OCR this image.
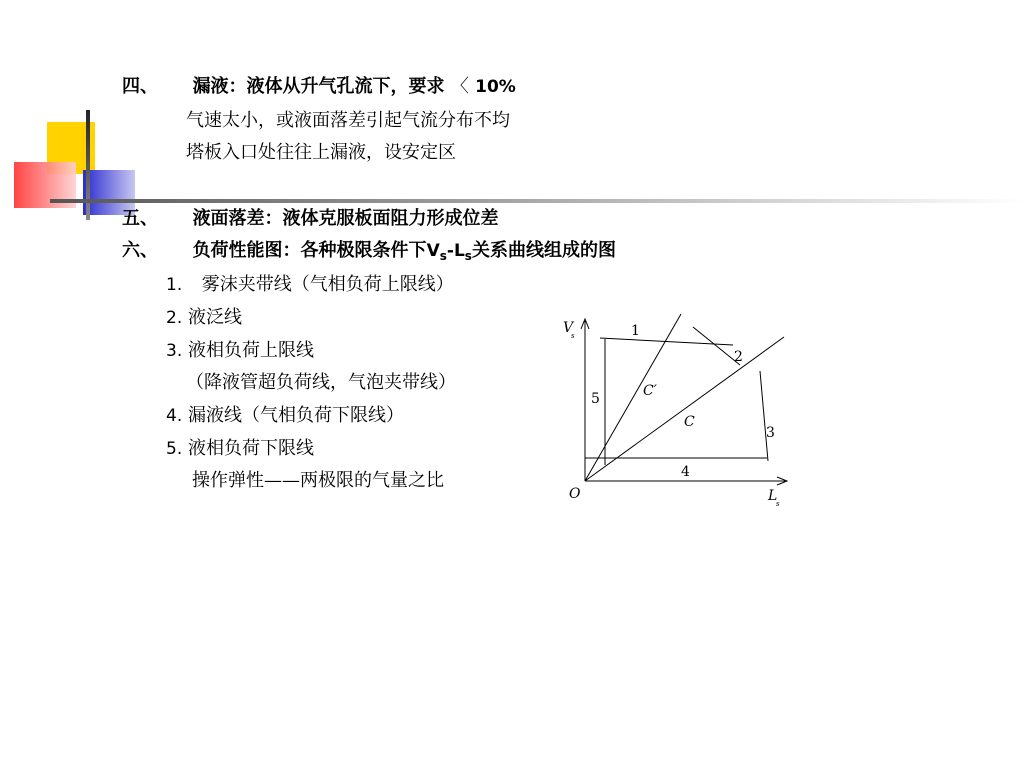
四、 漏液：液体从升气孔流下，要求 〈 10%
气速太小，或液面落差引起气流分布不均
塔板入口处往往上漏液，设安定区
五、 液面落差：液体克服板面阻力形成位差
六、 负荷性能图：各种极限条件下$V_s-L_s$关系曲线组成的图
1. 雾沫夹带线（气相负荷上限线）
2. 液泛线
3. 液相负荷上限线
（降液管超负荷线，气泡夹带线）
4. 漏液线（气相负荷下限线）
5. 液相负荷下限线
操作弹性——两极限的气量之比
V
s
L
s
O
1
2
3
4
5	C′
C
